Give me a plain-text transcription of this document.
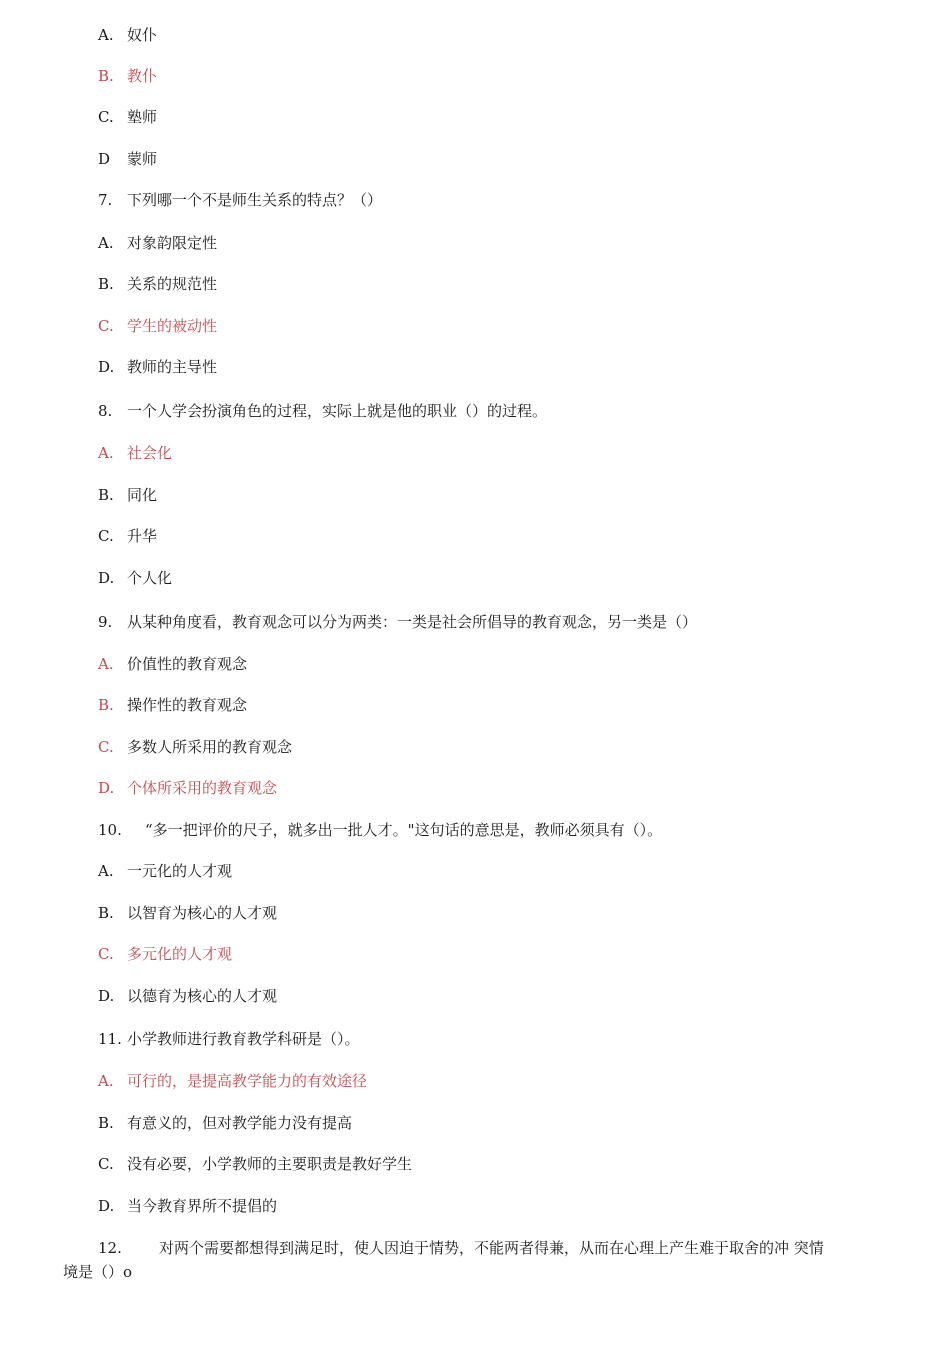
A. 奴仆
B. 教仆
C. 塾师
D 蒙师
7. 下列哪一个不是师生关系的特点？（）
A. 对象韵限定性
B. 关系的规范性
C. 学生的被动性
D. 教师的主导性
8. 一个人学会扮演角色的过程，实际上就是他的职业（）的过程。
A. 社会化
B. 同化
C. 升华
D. 个人化
9. 从某种角度看，教育观念可以分为两类：一类是社会所倡导的教育观念，另一类是（）
A. 价值性的教育观念
B. 操作性的教育观念
C. 多数人所采用的教育观念
D. 个体所采用的教育观念
10. “多一把评价的尺子，就多出一批人才。"这句话的意思是，教师必须具有（）。
A. 一元化的人才观
B. 以智育为核心的人才观
C. 多元化的人才观
D. 以德育为核心的人才观
11. 小学教师进行教育教学科研是（）。
A. 可行的，是提高教学能力的有效途径
B. 有意义的，但对教学能力没有提高
C. 没有必要，小学教师的主要职责是教好学生
D. 当今教育界所不提倡的
12. 对两个需要都想得到满足时，使人因迫于情势，不能两者得兼，从而在心理上产生难于取舍的冲 突情
境是（）o
